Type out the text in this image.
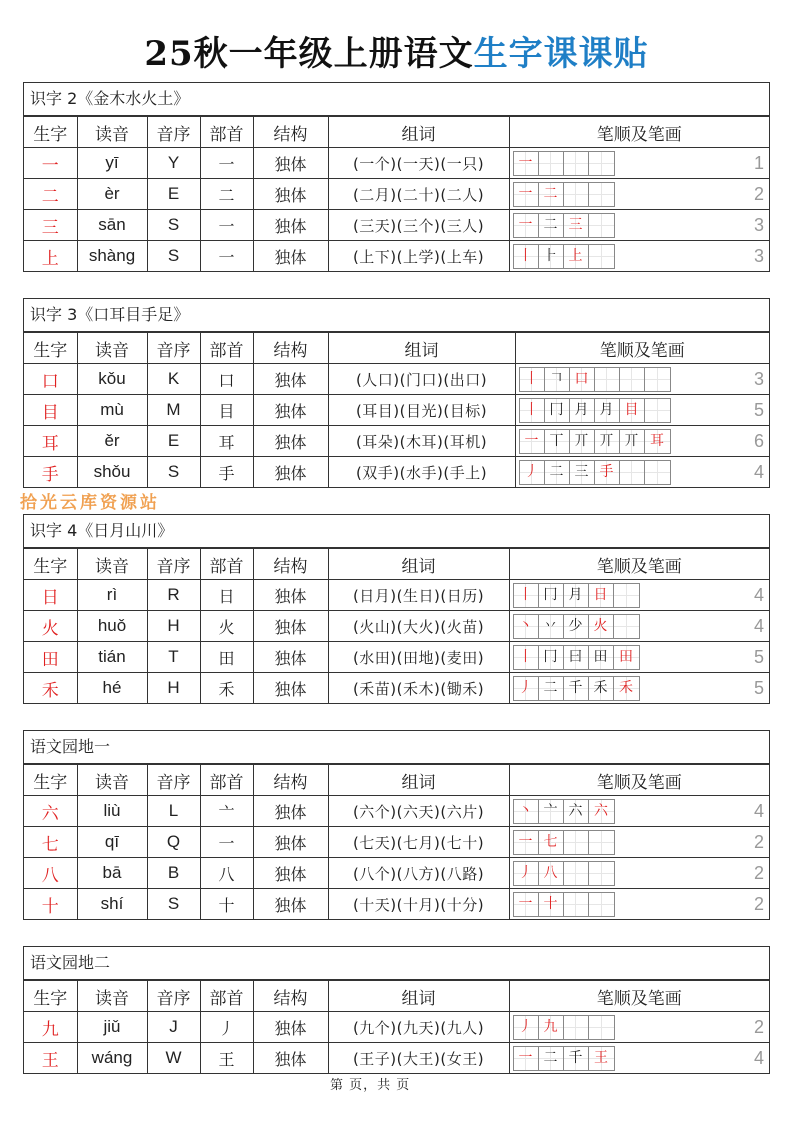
25秋一年级上册语文生字课课贴
拾光云库资源站
识字 2《金木水火土》
生字	读音	音序	部首	结构	组词	笔顺及笔画
一	yī	Y	一	独体	(一个)(一天)(一只)	一 1

二	èr	E	二	独体	(二月)(二十)(二人)	一 二 2

三	sān	S	一	独体	(三天)(三个)(三人)	一 二 三 3

上	shàng	S	一	独体	(上下)(上学)(上车)	丨 ⺊ 上 3
识字 3《口耳目手足》
生字	读音	音序	部首	结构	组词	笔顺及笔画
口	kǒu	K	口	独体	(人口)(门口)(出口)	丨 𠃍 口 3

目	mù	M	目	独体	(耳目)(目光)(目标)	丨 冂 月 月 目	5

耳	ěr	E	耳	独体	(耳朵)(木耳)(耳机)	一 丅 丌 丌 丌 耳	6

手	shǒu	S	手	独体	(双手)(水手)(手上)	丿 二 三 手 4
识字 4《日月山川》
生字	读音	音序	部首	结构	组词	笔顺及笔画
日	rì	R	日	独体	(日月)(生日)(日历)	丨 冂 月 日 4

火	huǒ	H	火	独体	(火山)(大火)(火苗)	丶 丷 少 火 4

田	tián	T	田	独体	(水田)(田地)(麦田)	丨 冂 曰 田 田	5

禾	hé	H	禾	独体	(禾苗)(禾木)(锄禾)	丿 二 千 禾 禾	5
语文园地一
生字	读音	音序	部首	结构	组词	笔顺及笔画
六	liù	L	亠	独体	(六个)(六天)(六片)	丶 亠 六 六 4

七	qī	Q	一	独体	(七天)(七月)(七十)	一 七 2

八	bā	B	八	独体	(八个)(八方)(八路)	丿 八 2

十	shí	S	十	独体	(十天)(十月)(十分)	一 十 2
语文园地二
生字	读音	音序	部首	结构	组词	笔顺及笔画
九	jiǔ	J	丿	独体	(九个)(九天)(九人)	丿 九 2

王	wáng	W	王	独体	(王子)(大王)(女王)	一 二 千 王 4
第 页，共 页
